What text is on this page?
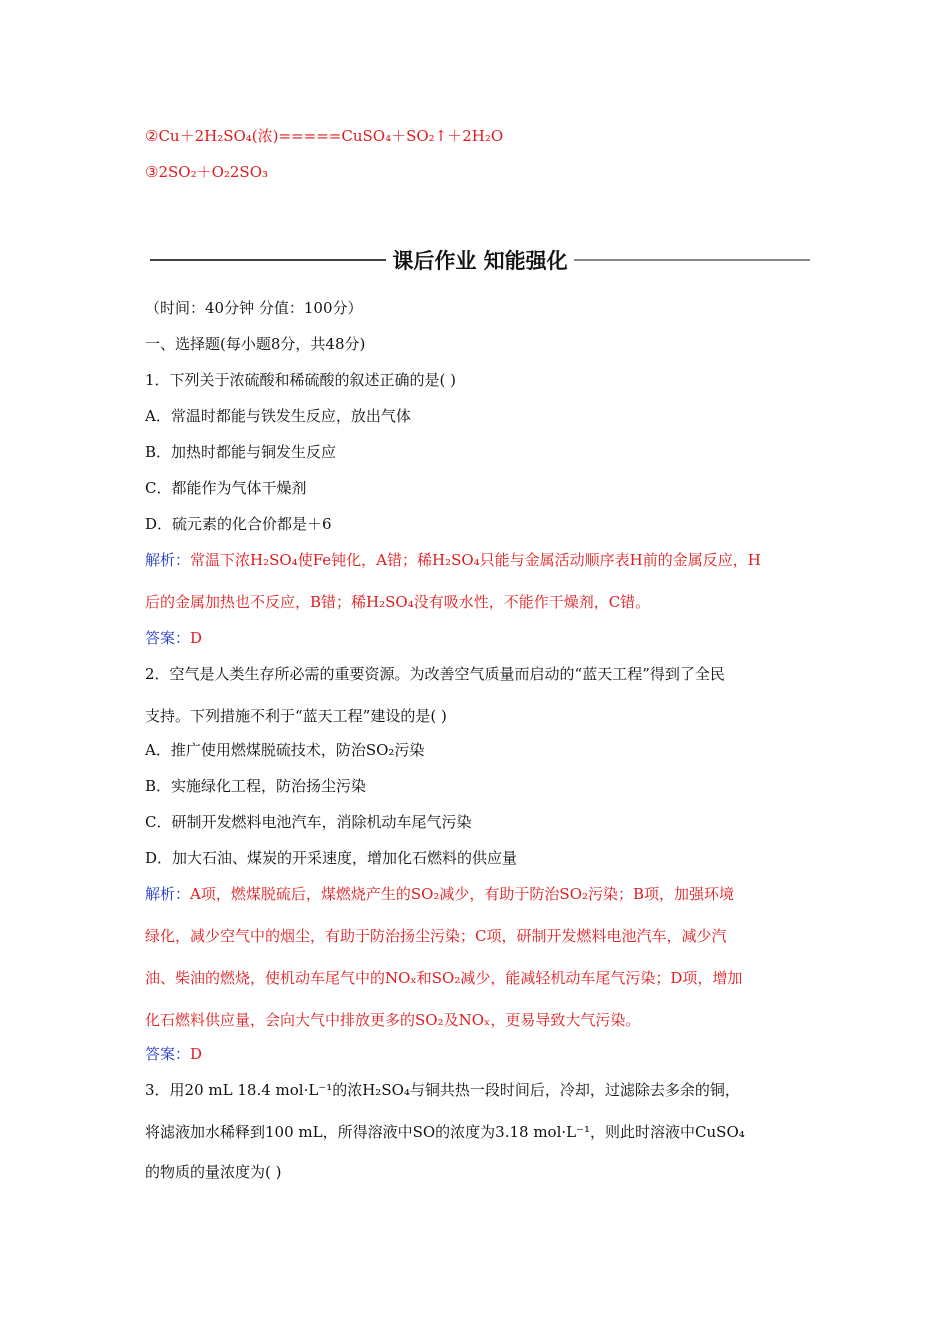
②Cu＋2H₂SO₄(浓)=====CuSO₄＋SO₂↑＋2H₂O
③2SO₂＋O₂2SO₃
课后作业 知能强化
（时间：40分钟 分值：100分）
一、选择题(每小题8分，共48分)
1．下列关于浓硫酸和稀硫酸的叙述正确的是( )
A．常温时都能与铁发生反应，放出气体
B．加热时都能与铜发生反应
C．都能作为气体干燥剂
D．硫元素的化合价都是＋6
解析：常温下浓H₂SO₄使Fe钝化，A错；稀H₂SO₄只能与金属活动顺序表H前的金属反应，H
后的金属加热也不反应，B错；稀H₂SO₄没有吸水性，不能作干燥剂，C错。
答案：D
2．空气是人类生存所必需的重要资源。为改善空气质量而启动的“蓝天工程”得到了全民
支持。下列措施不利于“蓝天工程”建设的是( )
A．推广使用燃煤脱硫技术，防治SO₂污染
B．实施绿化工程，防治扬尘污染
C．研制开发燃料电池汽车，消除机动车尾气污染
D．加大石油、煤炭的开采速度，增加化石燃料的供应量
解析：A项，燃煤脱硫后，煤燃烧产生的SO₂减少，有助于防治SO₂污染；B项，加强环境
绿化，减少空气中的烟尘，有助于防治扬尘污染；C项，研制开发燃料电池汽车，减少汽
油、柴油的燃烧，使机动车尾气中的NOₓ和SO₂减少，能减轻机动车尾气污染；D项，增加
化石燃料供应量，会向大气中排放更多的SO₂及NOₓ，更易导致大气污染。
答案：D
3．用20 mL 18.4 mol·L⁻¹的浓H₂SO₄与铜共热一段时间后，冷却，过滤除去多余的铜，
将滤液加水稀释到100 mL，所得溶液中SO的浓度为3.18 mol·L⁻¹，则此时溶液中CuSO₄
的物质的量浓度为( )
